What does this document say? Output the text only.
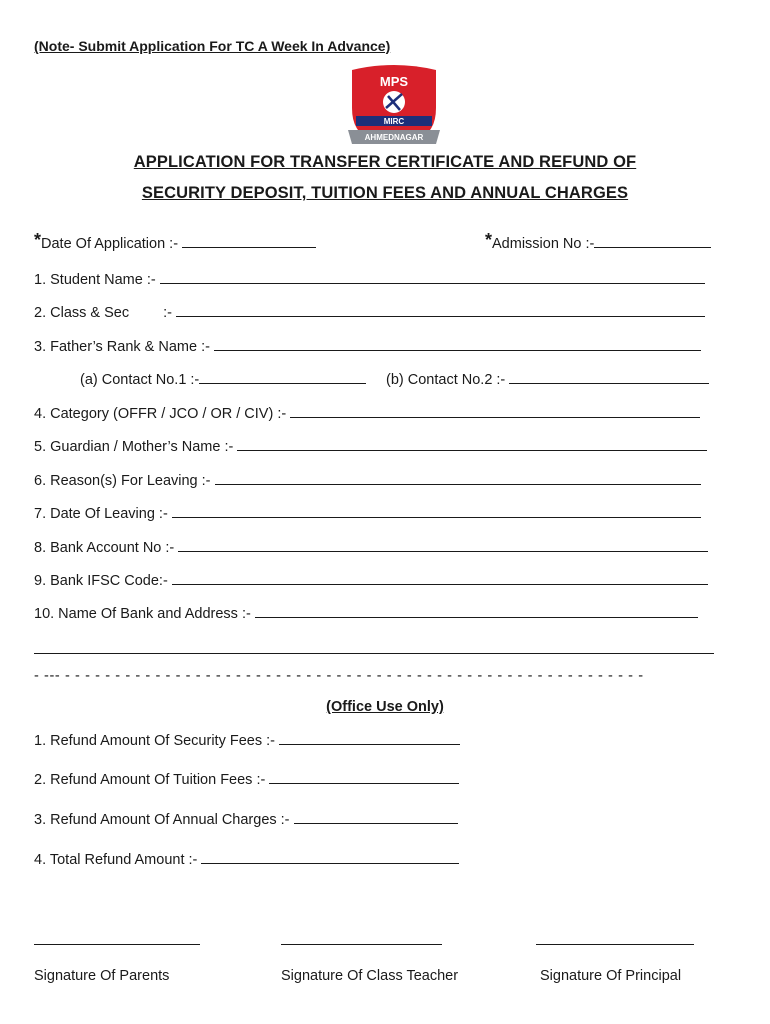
(Note- Submit Application For TC A Week In Advance)
MPS
MIRC
AHMEDNAGAR
APPLICATION FOR TRANSFER CERTIFICATE AND REFUND OF
SECURITY DEPOSIT, TUITION FEES AND ANNUAL CHARGES
*Date Of Application :-	*Admission No :-
1. Student Name :-
2. Class & Sec :-
3. Father’s Rank & Name :-
(a) Contact No.1 :-	(b) Contact No.2 :-
4. Category (OFFR / JCO / OR / CIV) :-
5. Guardian / Mother’s Name :-
6. Reason(s) For Leaving :-
7. Date Of Leaving :-
8. Bank Account No :-
9. Bank IFSC Code:-
10. Name Of Bank and Address :-
- --- - - - - - - - - - - - - - - - - - - - - - - - - - - - - - - - - - - - - - - - - - - - - - - - - - - - - - - - - - -
(Office Use Only)
1. Refund Amount Of Security Fees :-
2. Refund Amount Of Tuition Fees :-
3. Refund Amount Of Annual Charges :-
4. Total Refund Amount :-
Signature Of Parents	Signature Of Class Teacher	Signature Of Principal
